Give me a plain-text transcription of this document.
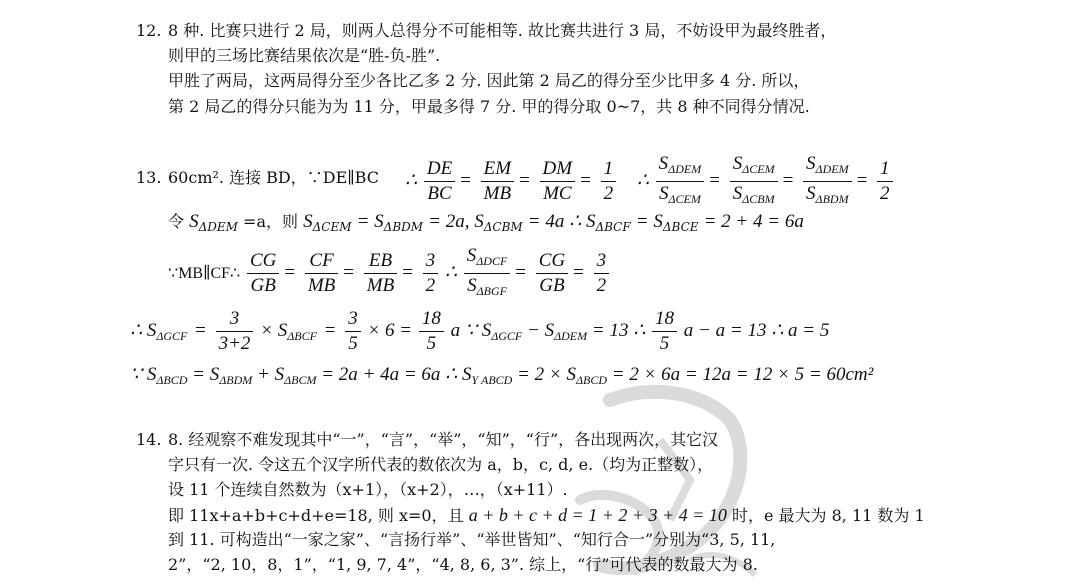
12. 8 种. 比赛只进行 2 局，则两人总得分不可能相等. 故比赛共进行 3 局，不妨设甲为最终胜者，
则甲的三场比赛结果依次是“胜-负-胜”.
甲胜了两局，这两局得分至少各比乙多 2 分. 因此第 2 局乙的得分至少比甲多 4 分. 所以，
第 2 局乙的得分只能为为 11 分，甲最多得 7 分. 甲的得分取 0~7，共 8 种不同得分情况.
13. 60cm². 连接 BD，∵DE∥BC ∴ $\frac{DE}{BC} = \frac{EM}{MB} = \frac{DM}{MC} = \frac{1}{2}$ ∴ $\frac{S_{\Delta DEM}}{S_{\Delta CEM}} = \frac{S_{\Delta CEM}}{S_{\Delta CBM}} = \frac{S_{\Delta DEM}}{S_{\Delta BDM}} = \frac{1}{2}$
令 $S_{\Delta DEM} =a$，则 $S_{\Delta CEM} = S_{\Delta BDM} = 2a$, $S_{\Delta CBM} = 4a$ ∴ $S_{\Delta BCF} = S_{\Delta BCE} = 2 + 4 = 6a$
∵MB∥CF∴ $\frac{CG}{GB} = \frac{CF}{MB} = \frac{EB}{MB} = \frac{3}{2}$ ∴ $\frac{S_{\Delta DCF}}{S_{\Delta BGF}} = \frac{CG}{GB} = \frac{3}{2}$
∴ $S_{\Delta GCF} = \frac{3}{3+2} \times S_{\Delta BCF} = \frac{3}{5} \times 6 = \frac{18}{5}$ a ∵ $S_{\Delta GCF} - S_{\Delta DEM} = 13$ ∴ $\frac{18}{5}$ a − a = 13 ∴ a = 5
∵ $S_{\Delta BCD} = S_{\Delta BDM} + S_{\Delta BCM} = 2a + 4a = 6a$ ∴ $S_{Y ABCD} = 2 \times S_{\Delta BCD} = 2 \times 6a = 12a = 12 \times 5 = 60cm^2$
14. 8. 经观察不难发现其中“一”，“言”，“举”，“知”，“行”，各出现两次，其它汉
字只有一次. 令这五个汉字所代表的数依次为 a，b，c, d, e.（均为正整数），
设 11 个连续自然数为（x+1），（x+2），…，（x+11）.
即 11x+a+b+c+d+e=18, 则 x=0，且 a + b + c + d = 1 + 2 + 3 + 4 = 10 时，e 最大为 8, 11 数为 1
到 11. 可构造出“一家之家”、“言扬行举”、“举世皆知”、“知行合一”分别为“3, 5, 11,
2”，“2, 10，8，1”，“1, 9, 7, 4”，“4, 8, 6, 3”. 综上，“行”可代表的数最大为 8.
